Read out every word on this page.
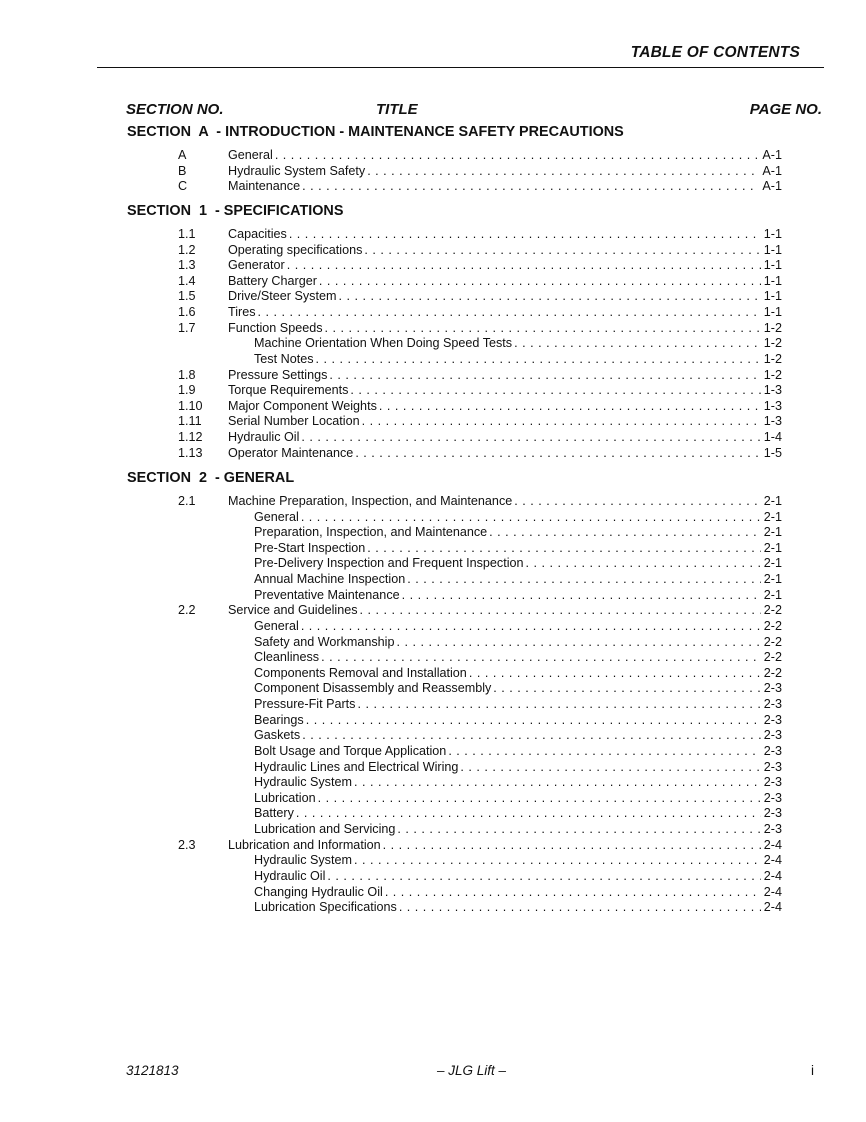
TABLE OF CONTENTS
SECTION NO.	TITLE	PAGE NO.
SECTION  A  - INTRODUCTION - MAINTENANCE SAFETY PRECAUTIONS
A	General . . .	A-1
B	Hydraulic System Safety . . .	A-1
C	Maintenance . . .	A-1
SECTION  1  - SPECIFICATIONS
1.1	Capacities . . .	1-1
1.2	Operating specifications . . .	1-1
1.3	Generator . . .	1-1
1.4	Battery Charger . . .	1-1
1.5	Drive/Steer System . . .	1-1
1.6	Tires . . .	1-1
1.7	Function Speeds . . .	1-2
Machine Orientation When Doing Speed Tests . . .	1-2
Test Notes . . .	1-2
1.8	Pressure Settings . . .	1-2
1.9	Torque Requirements . . .	1-3
1.10 Major Component Weights . . .	1-3
1.11 Serial Number Location . . .	1-3
1.12 Hydraulic Oil . . .	1-4
1.13 Operator Maintenance . . .	1-5
SECTION  2  - GENERAL
2.1	Machine Preparation, Inspection, and Maintenance . . .	2-1
General . . .	2-1
Preparation, Inspection, and Maintenance . . .	2-1
Pre-Start Inspection . . .	2-1
Pre-Delivery Inspection and Frequent Inspection . . .	2-1
Annual Machine Inspection . . .	2-1
Preventative Maintenance . . .	2-1
2.2	Service and Guidelines . . .	2-2
General . . .	2-2
Safety and Workmanship . . .	2-2
Cleanliness . . .	2-2
Components Removal and Installation . . .	2-2
Component Disassembly and Reassembly . . .	2-3
Pressure-Fit Parts . . .	2-3
Bearings . . .	2-3
Gaskets . . .	2-3
Bolt Usage and Torque Application . . .	2-3
Hydraulic Lines and Electrical Wiring . . .	2-3
Hydraulic System . . .	2-3
Lubrication . . .	2-3
Battery . . .	2-3
Lubrication and Servicing . . .	2-3
2.3	Lubrication and Information . . .	2-4
Hydraulic System . . .	2-4
Hydraulic Oil . . .	2-4
Changing Hydraulic Oil . . .	2-4
Lubrication Specifications . . .	2-4
3121813	– JLG Lift –	i
